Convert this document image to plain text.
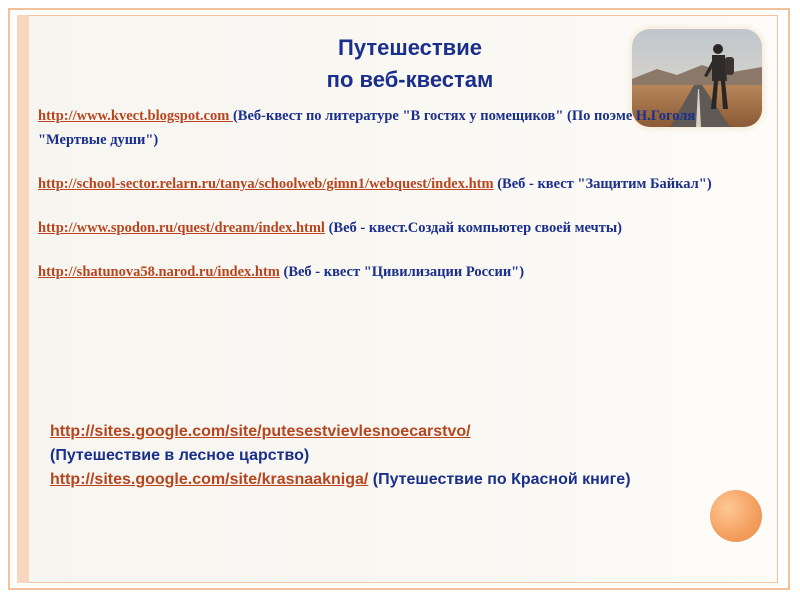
Путешествие
по веб-квестам
http://www.kvect.blogspot.com (Веб-квест по литературе "В гостях у помещиков" (По поэме Н.Гоголя "Мертвые души")
http://school-sector.relarn.ru/tanya/schoolweb/gimn1/webquest/index.htm (Веб - квест "Защитим Байкал")
http://www.spodon.ru/quest/dream/index.html (Веб - квест.Создай компьютер своей мечты)
http://shatunova58.narod.ru/index.htm (Веб - квест "Цивилизации России")
http://sites.google.com/site/putesestvievlesnoecarstvo/
(Путешествие в лесное царство)
http://sites.google.com/site/krasnaakniga/ (Путешествие по Красной книге)
